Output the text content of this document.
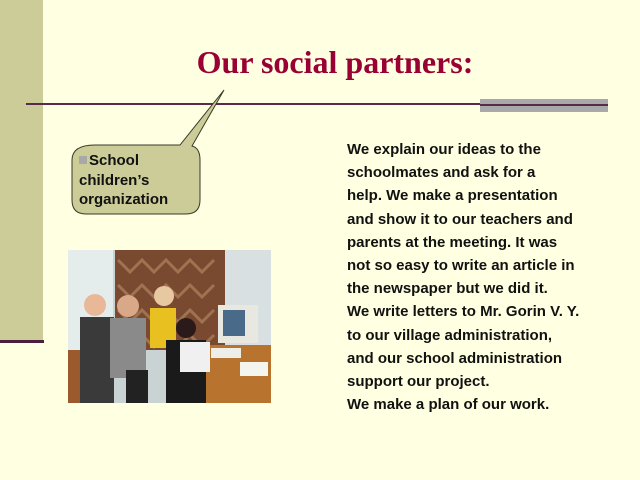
Our social partners:
School
children’s
organization
We explain our ideas to the
schoolmates and ask for a
help. We make a presentation
and show it to our teachers and
parents at the meeting. It was
not so easy to write an article in
the newspaper but we did it.
We write letters to Mr. Gorin V. Y.
to our village administration,
and our school administration
support our project.
We make a plan of our work.
